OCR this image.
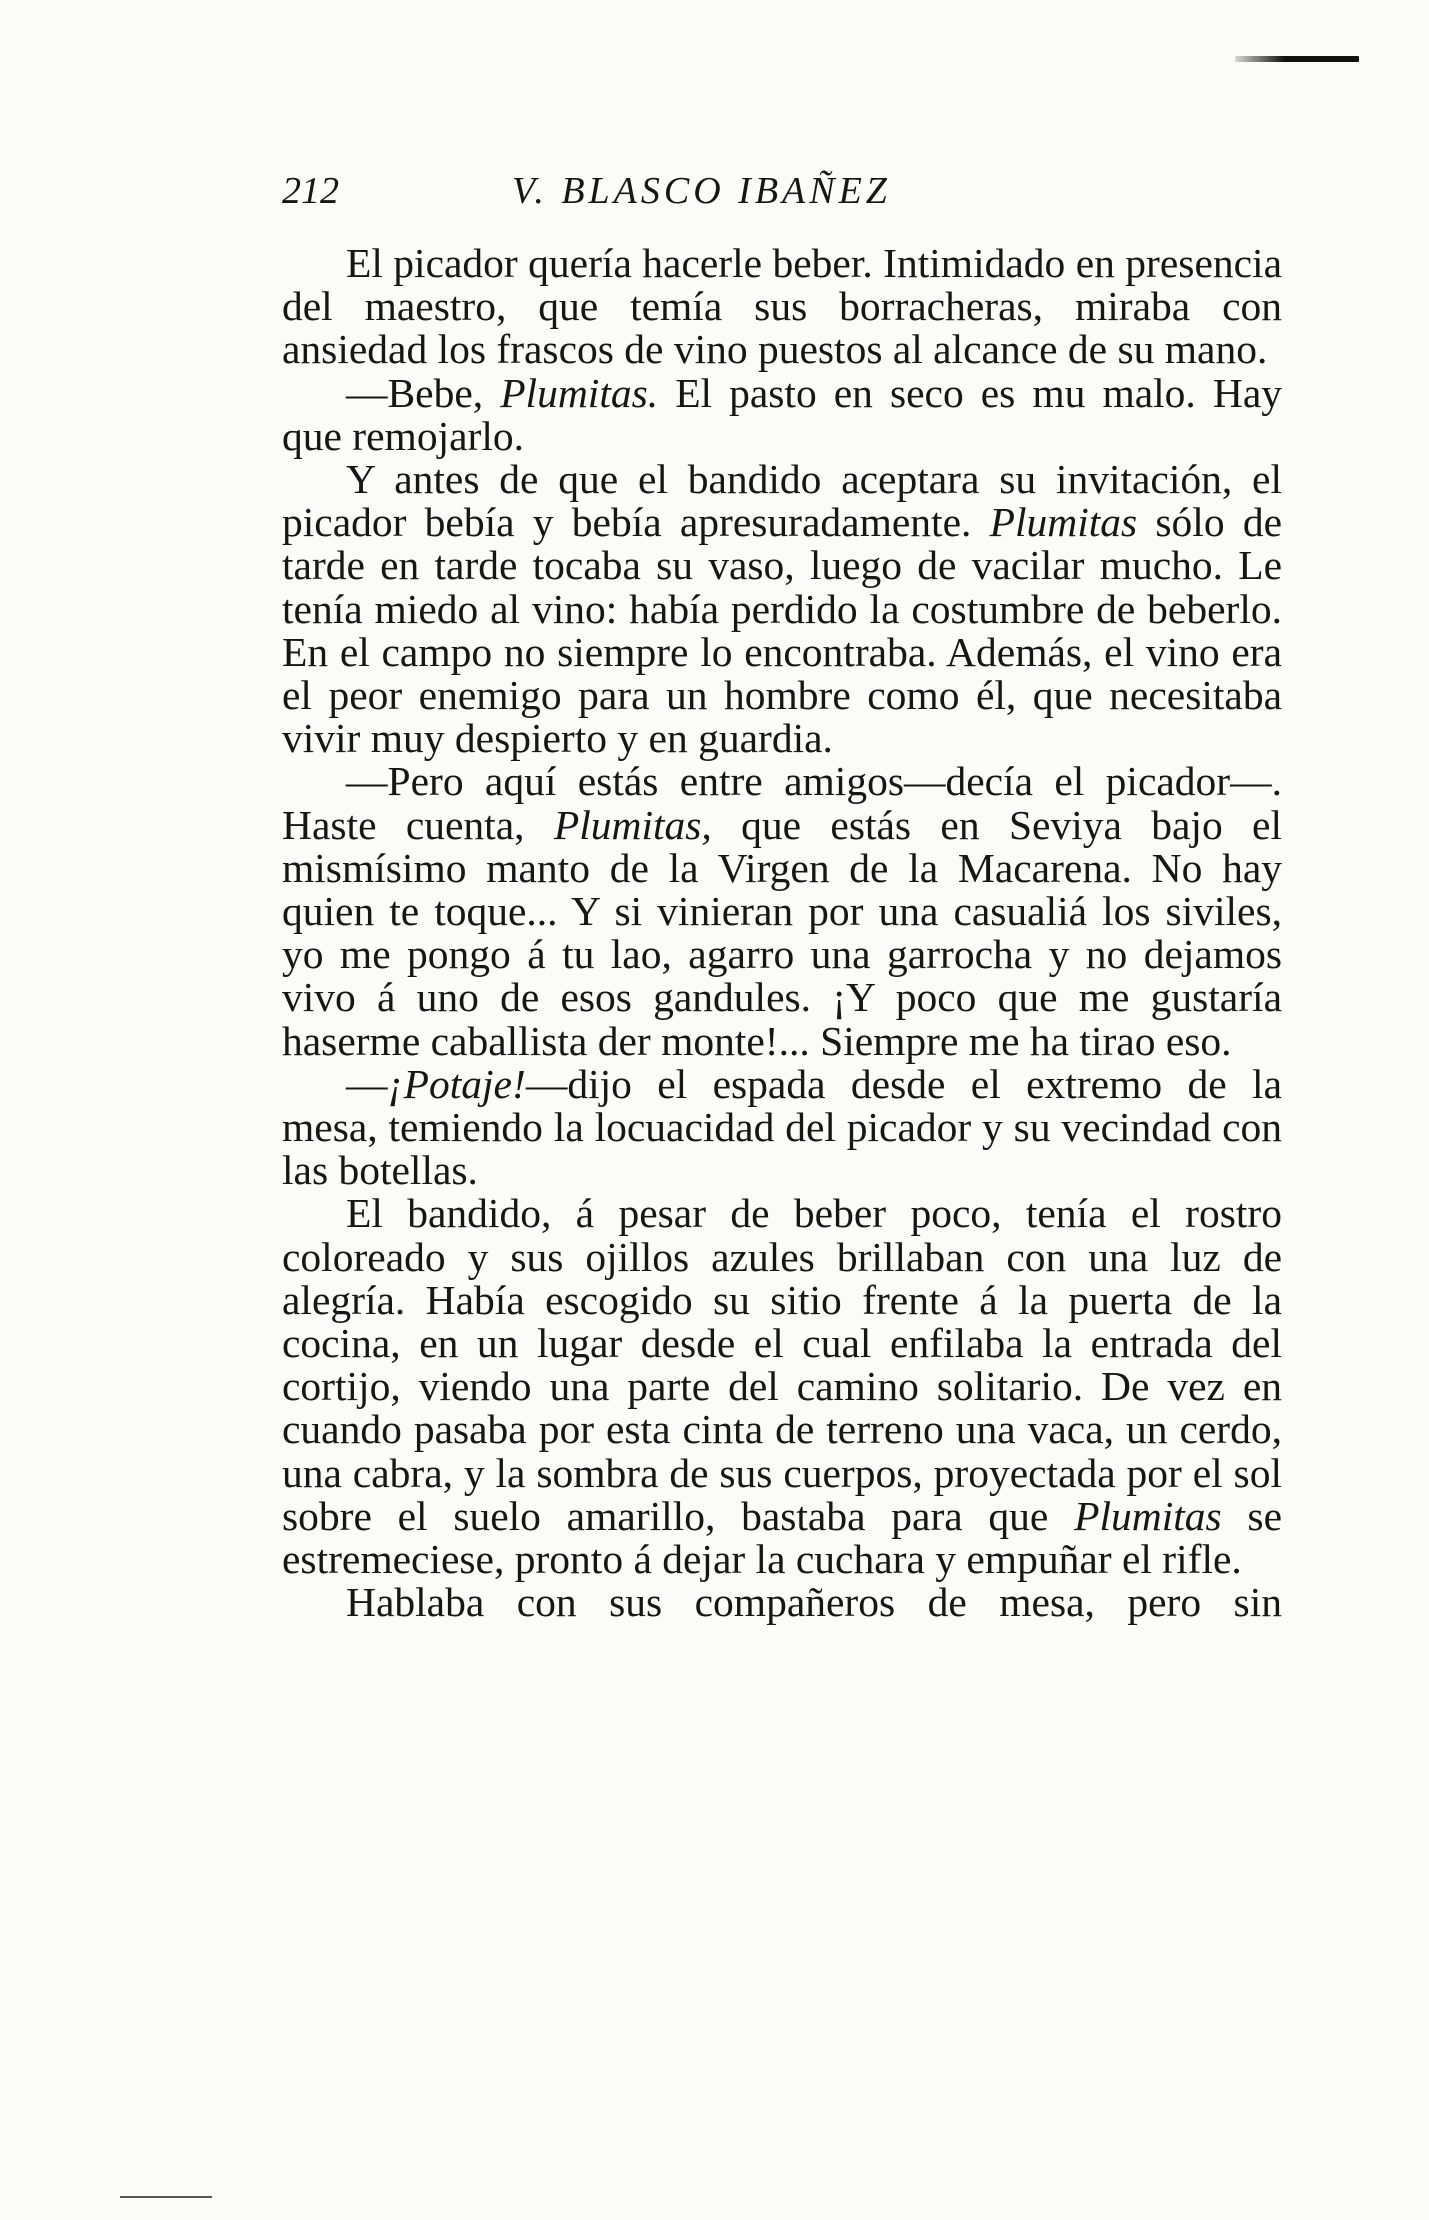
212	V. BLASCO IBAÑEZ

El picador quería hacerle beber. Intimidado en presencia del maestro, que temía sus borracheras, miraba con ansiedad los frascos de vino puestos al alcance de su mano.

—Bebe, Plumitas. El pasto en seco es mu malo. Hay que remojarlo.

Y antes de que el bandido aceptara su invitación, el picador bebía y bebía apresuradamente. Plumitas sólo de tarde en tarde tocaba su vaso, luego de vacilar mucho. Le tenía miedo al vino: había perdido la costumbre de beberlo. En el campo no siempre lo encontraba. Además, el vino era el peor enemigo para un hombre como él, que necesitaba vivir muy despierto y en guardia.

—Pero aquí estás entre amigos—decía el picador—. Haste cuenta, Plumitas, que estás en Seviya bajo el mismísimo manto de la Virgen de la Macarena. No hay quien te toque... Y si vinieran por una casualiá los siviles, yo me pongo á tu lao, agarro una garrocha y no dejamos vivo á uno de esos gandules. ¡Y poco que me gustaría haserme caballista der monte!... Siempre me ha tirao eso.

—¡Potaje!—dijo el espada desde el extremo de la mesa, temiendo la locuacidad del picador y su vecindad con las botellas.

El bandido, á pesar de beber poco, tenía el rostro coloreado y sus ojillos azules brillaban con una luz de alegría. Había escogido su sitio frente á la puerta de la cocina, en un lugar desde el cual enfilaba la entrada del cortijo, viendo una parte del camino solitario. De vez en cuando pasaba por esta cinta de terreno una vaca, un cerdo, una cabra, y la sombra de sus cuerpos, proyectada por el sol sobre el suelo amarillo, bastaba para que Plumitas se estremeciese, pronto á dejar la cuchara y empuñar el rifle.

Hablaba con sus compañeros de mesa, pero sin
